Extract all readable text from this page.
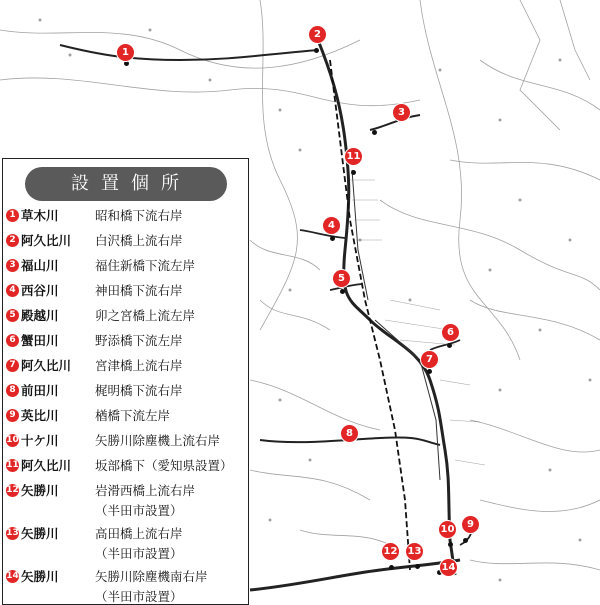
1
2
3
4
5
6
7
8
9
10
11
12 13
14
設置個所
1 草木川	昭和橋下流右岸
2 阿久比川 白沢橋上流右岸
3 福山川	福住新橋下流左岸
4 西谷川	神田橋下流右岸
5 殿越川	卯之宮橋上流左岸
6 蟹田川	野添橋下流左岸
7 阿久比川 宮津橋上流右岸
8 前田川	梶明橋下流右岸
9 英比川	楢橋下流左岸
10 十ケ川	矢勝川除塵機上流右岸
11 阿久比川 坂部橋下（愛知県設置）
12 矢勝川	岩滑西橋上流右岸
（半田市設置）
13 矢勝川	高田橋上流右岸
（半田市設置）
14 矢勝川	矢勝川除塵機南右岸
（半田市設置）
